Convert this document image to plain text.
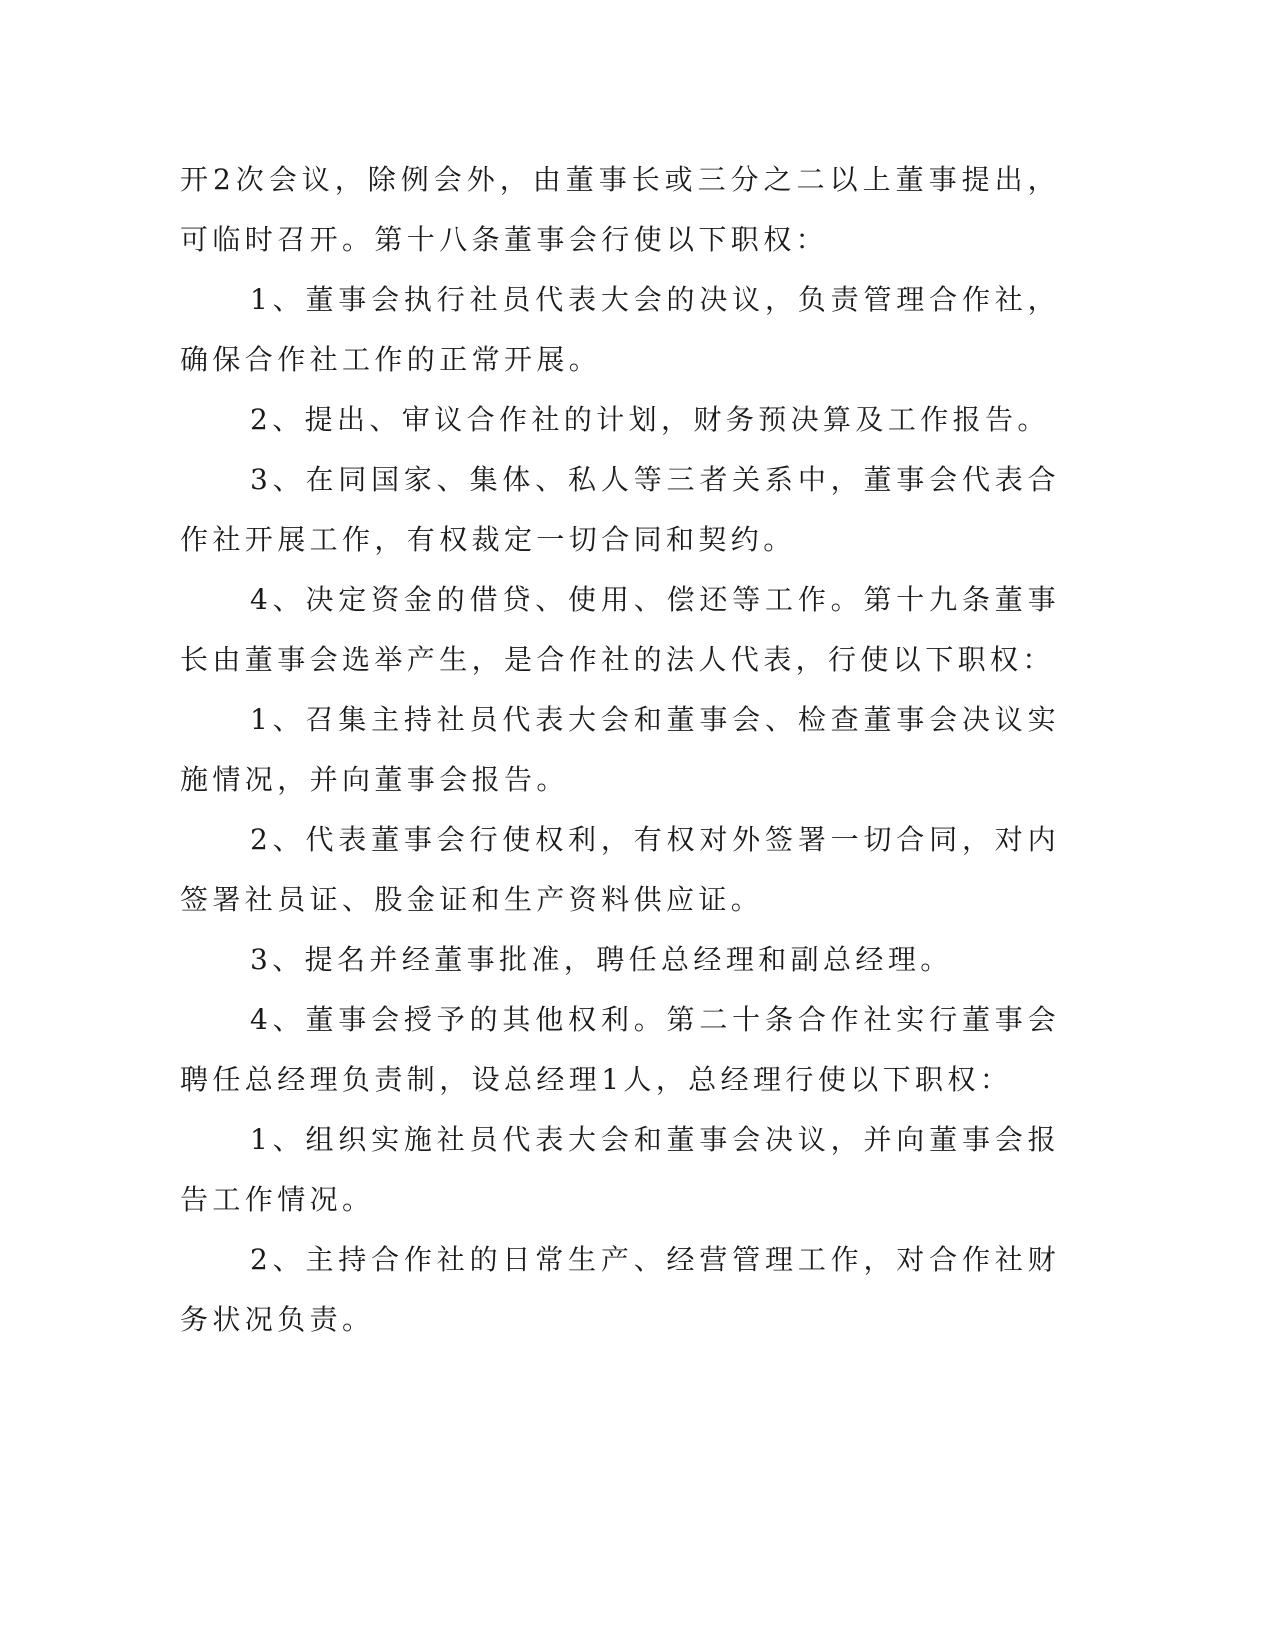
开2次会议，除例会外，由董事长或三分之二以上董事提出，可临时召开。第十八条董事会行使以下职权：

1、董事会执行社员代表大会的决议，负责管理合作社，确保合作社工作的正常开展。

2、提出、审议合作社的计划，财务预决算及工作报告。

3、在同国家、集体、私人等三者关系中，董事会代表合作社开展工作，有权裁定一切合同和契约。

4、决定资金的借贷、使用、偿还等工作。第十九条董事长由董事会选举产生，是合作社的法人代表，行使以下职权：

1、召集主持社员代表大会和董事会、检查董事会决议实施情况，并向董事会报告。

2、代表董事会行使权利，有权对外签署一切合同，对内签署社员证、股金证和生产资料供应证。

3、提名并经董事批准，聘任总经理和副总经理。

4、董事会授予的其他权利。第二十条合作社实行董事会聘任总经理负责制，设总经理1人，总经理行使以下职权：

1、组织实施社员代表大会和董事会决议，并向董事会报告工作情况。

2、主持合作社的日常生产、经营管理工作，对合作社财务状况负责。
